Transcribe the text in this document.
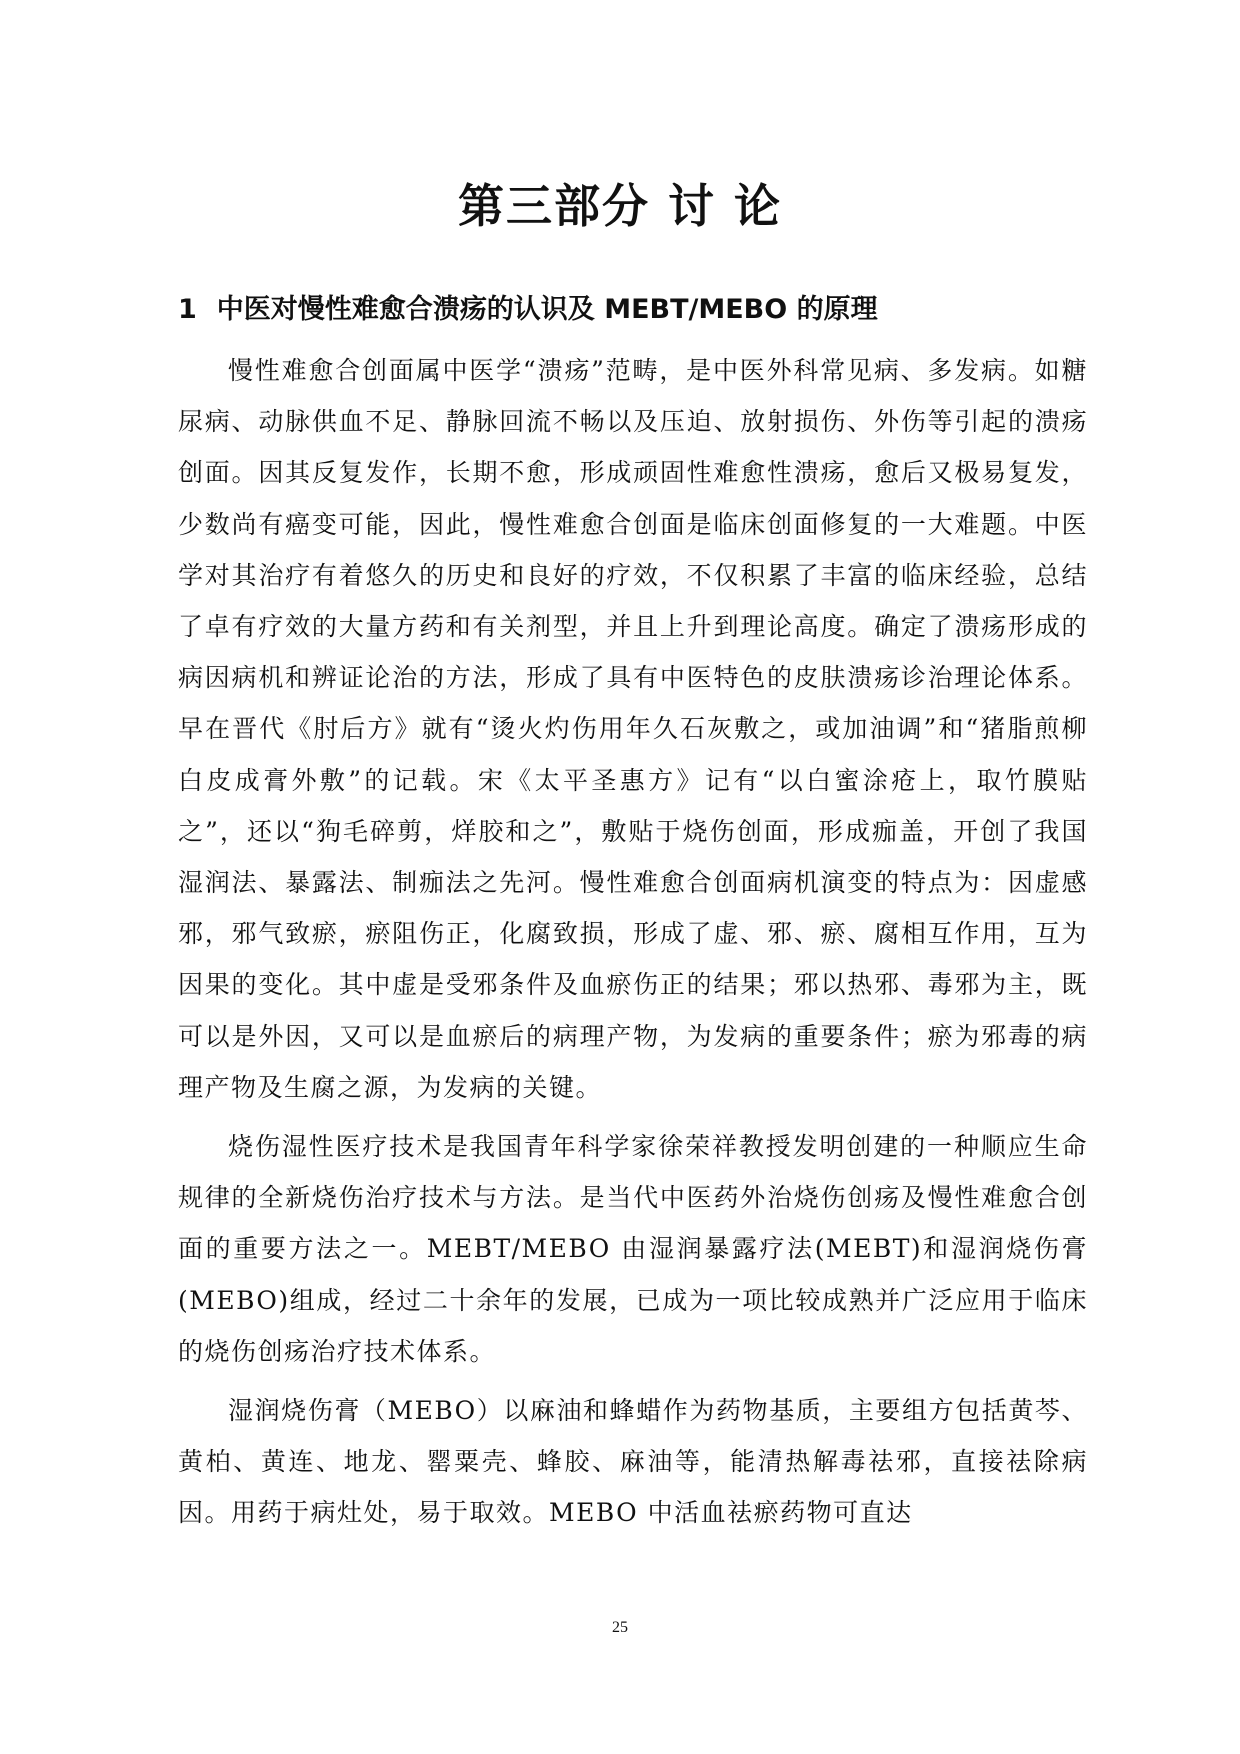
第三部分 讨 论
1 中医对慢性难愈合溃疡的认识及 MEBT/MEBO 的原理

慢性难愈合创面属中医学“溃疡”范畴，是中医外科常见病、多发病。如糖尿病、动脉供血不足、静脉回流不畅以及压迫、放射损伤、外伤等引起的溃疡创面。因其反复发作，长期不愈，形成顽固性难愈性溃疡，愈后又极易复发，少数尚有癌变可能，因此，慢性难愈合创面是临床创面修复的一大难题。中医学对其治疗有着悠久的历史和良好的疗效，不仅积累了丰富的临床经验，总结了卓有疗效的大量方药和有关剂型，并且上升到理论高度。确定了溃疡形成的病因病机和辨证论治的方法，形成了具有中医特色的皮肤溃疡诊治理论体系。早在晋代《肘后方》就有“烫火灼伤用年久石灰敷之，或加油调”和“猪脂煎柳白皮成膏外敷”的记载。宋《太平圣惠方》记有“以白蜜涂疮上，取竹膜贴之”，还以“狗毛碎剪，烊胶和之”，敷贴于烧伤创面，形成痂盖，开创了我国湿润法、暴露法、制痂法之先河。慢性难愈合创面病机演变的特点为：因虚感邪，邪气致瘀，瘀阻伤正，化腐致损，形成了虚、邪、瘀、腐相互作用，互为因果的变化。其中虚是受邪条件及血瘀伤正的结果；邪以热邪、毒邪为主，既可以是外因，又可以是血瘀后的病理产物，为发病的重要条件；瘀为邪毒的病理产物及生腐之源，为发病的关键。

烧伤湿性医疗技术是我国青年科学家徐荣祥教授发明创建的一种顺应生命规律的全新烧伤治疗技术与方法。是当代中医药外治烧伤创疡及慢性难愈合创面的重要方法之一。MEBT/MEBO 由湿润暴露疗法(MEBT)和湿润烧伤膏 (MEBO)组成，经过二十余年的发展，已成为一项比较成熟并广泛应用于临床的烧伤创疡治疗技术体系。

湿润烧伤膏（MEBO）以麻油和蜂蜡作为药物基质，主要组方包括黄芩、黄柏、黄连、地龙、罂粟壳、蜂胶、麻油等，能清热解毒祛邪，直接祛除病因。用药于病灶处，易于取效。MEBO 中活血祛瘀药物可直达

25
